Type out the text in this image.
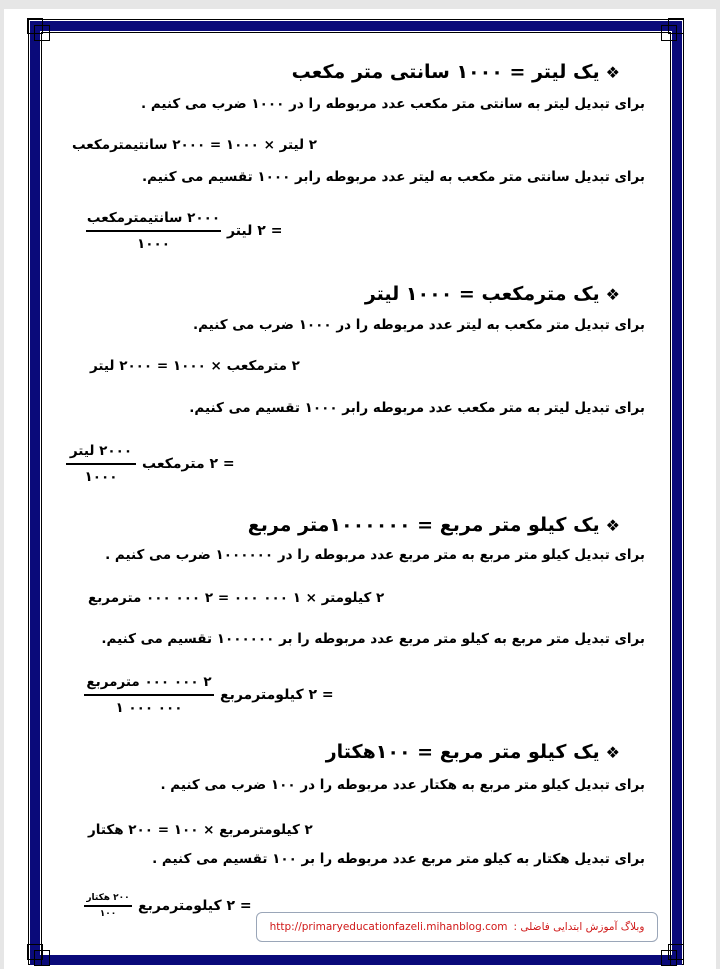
❖یک لیتر = ۱۰۰۰ سانتی متر مکعب
برای تبدیل لیتر به سانتی متر مکعب عدد مربوطه را در ۱۰۰۰ ضرب می کنیم .
۲ لیتر × ۱۰۰۰ = ۲۰۰۰ سانتیمترمکعب
برای تبدیل سانتی متر مکعب به لیتر عدد مربوطه رابر ۱۰۰۰ تقسیم می کنیم.
$\frac{\text{۲۰۰۰ سانتیمترمکعب}}{۱۰۰۰}$ = ۲ لیتر
❖یک مترمکعب = ۱۰۰۰ لیتر
برای تبدیل متر مکعب به لیتر عدد مربوطه را در ۱۰۰۰ ضرب می کنیم.
۲ مترمکعب × ۱۰۰۰ = ۲۰۰۰ لیتر
برای تبدیل لیتر به متر مکعب عدد مربوطه رابر ۱۰۰۰ تقسیم می کنیم.
$\frac{\text{۲۰۰۰ لیتر}}{۱۰۰۰}$ = ۲ مترمکعب
❖یک کیلو متر مربع = ۱۰۰۰۰۰۰متر مربع
برای تبدیل کیلو متر مربع به متر مربع عدد مربوطه را در ۱۰۰۰۰۰۰ ضرب می کنیم .
۲ کیلومتر × ۱ ۰۰۰ ۰۰۰ = ۲ ۰۰۰ ۰۰۰ مترمربع
برای تبدیل متر مربع به کیلو متر مربع عدد مربوطه را بر ۱۰۰۰۰۰۰ تقسیم می کنیم.
$\frac{\text{۲ ۰۰۰ ۰۰۰ مترمربع}}{۱ ۰۰۰ ۰۰۰}$ = ۲ کیلومترمربع
❖یک کیلو متر مربع = ۱۰۰هکتار
برای تبدیل کیلو متر مربع به هکتار عدد مربوطه را در ۱۰۰ ضرب می کنیم .
۲ کیلومترمربع × ۱۰۰ = ۲۰۰ هکتار
برای تبدیل هکتار به کیلو متر مربع عدد مربوطه را بر ۱۰۰ تقسیم می کنیم .
$\frac{\text{۲۰۰ هکتار}}{۱۰۰}$ = ۲ کیلومترمربع
http://primaryeducationfazeli.mihanblog.com وبلاگ آموزش ابتدایی فاضلی :
